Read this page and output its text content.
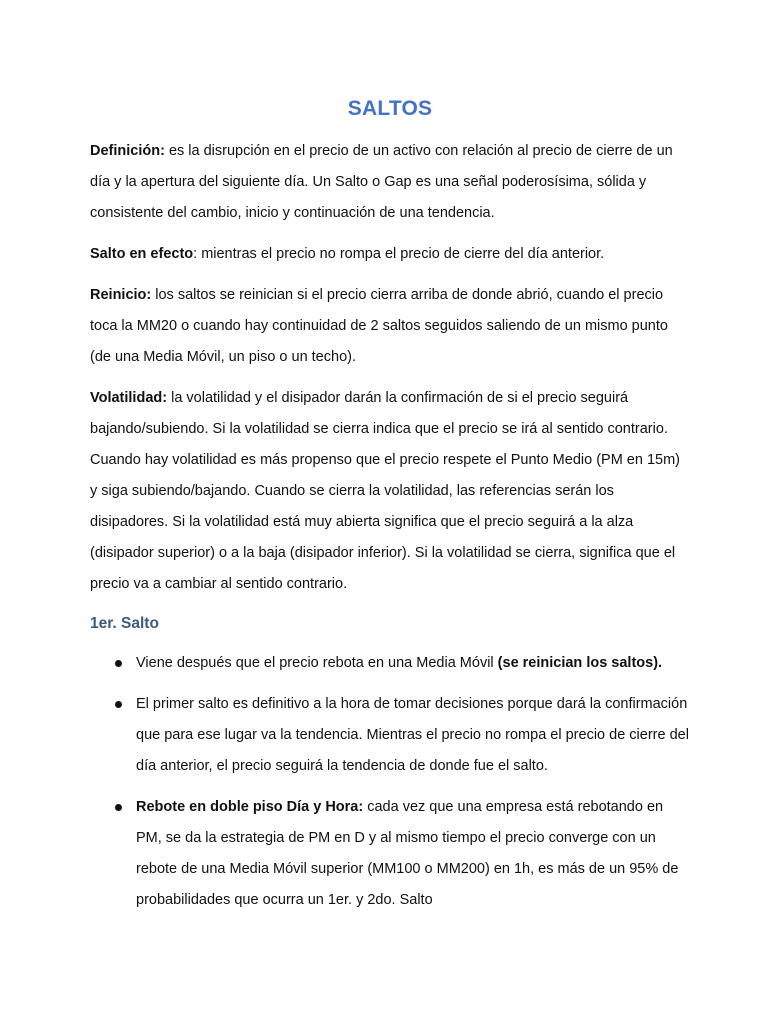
SALTOS

Definición: es la disrupción en el precio de un activo con relación al precio de cierre de un día y la apertura del siguiente día. Un Salto o Gap es una señal poderosísima, sólida y consistente del cambio, inicio y continuación de una tendencia.

Salto en efecto: mientras el precio no rompa el precio de cierre del día anterior.

Reinicio: los saltos se reinician si el precio cierra arriba de donde abrió, cuando el precio toca la MM20 o cuando hay continuidad de 2 saltos seguidos saliendo de un mismo punto (de una Media Móvil, un piso o un techo).

Volatilidad: la volatilidad y el disipador darán la confirmación de si el precio seguirá bajando/subiendo. Si la volatilidad se cierra indica que el precio se irá al sentido contrario. Cuando hay volatilidad es más propenso que el precio respete el Punto Medio (PM en 15m) y siga subiendo/bajando. Cuando se cierra la volatilidad, las referencias serán los disipadores. Si la volatilidad está muy abierta significa que el precio seguirá a la alza (disipador superior) o a la baja (disipador inferior). Si la volatilidad se cierra, significa que el precio va a cambiar al sentido contrario.

1er. Salto
Viene después que el precio rebota en una Media Móvil (se reinician los saltos).
El primer salto es definitivo a la hora de tomar decisiones porque dará la confirmación que para ese lugar va la tendencia. Mientras el precio no rompa el precio de cierre del día anterior, el precio seguirá la tendencia de donde fue el salto.
Rebote en doble piso Día y Hora: cada vez que una empresa está rebotando en PM, se da la estrategia de PM en D y al mismo tiempo el precio converge con un rebote de una Media Móvil superior (MM100 o MM200) en 1h, es más de un 95% de probabilidades que ocurra un 1er. y 2do. Salto
